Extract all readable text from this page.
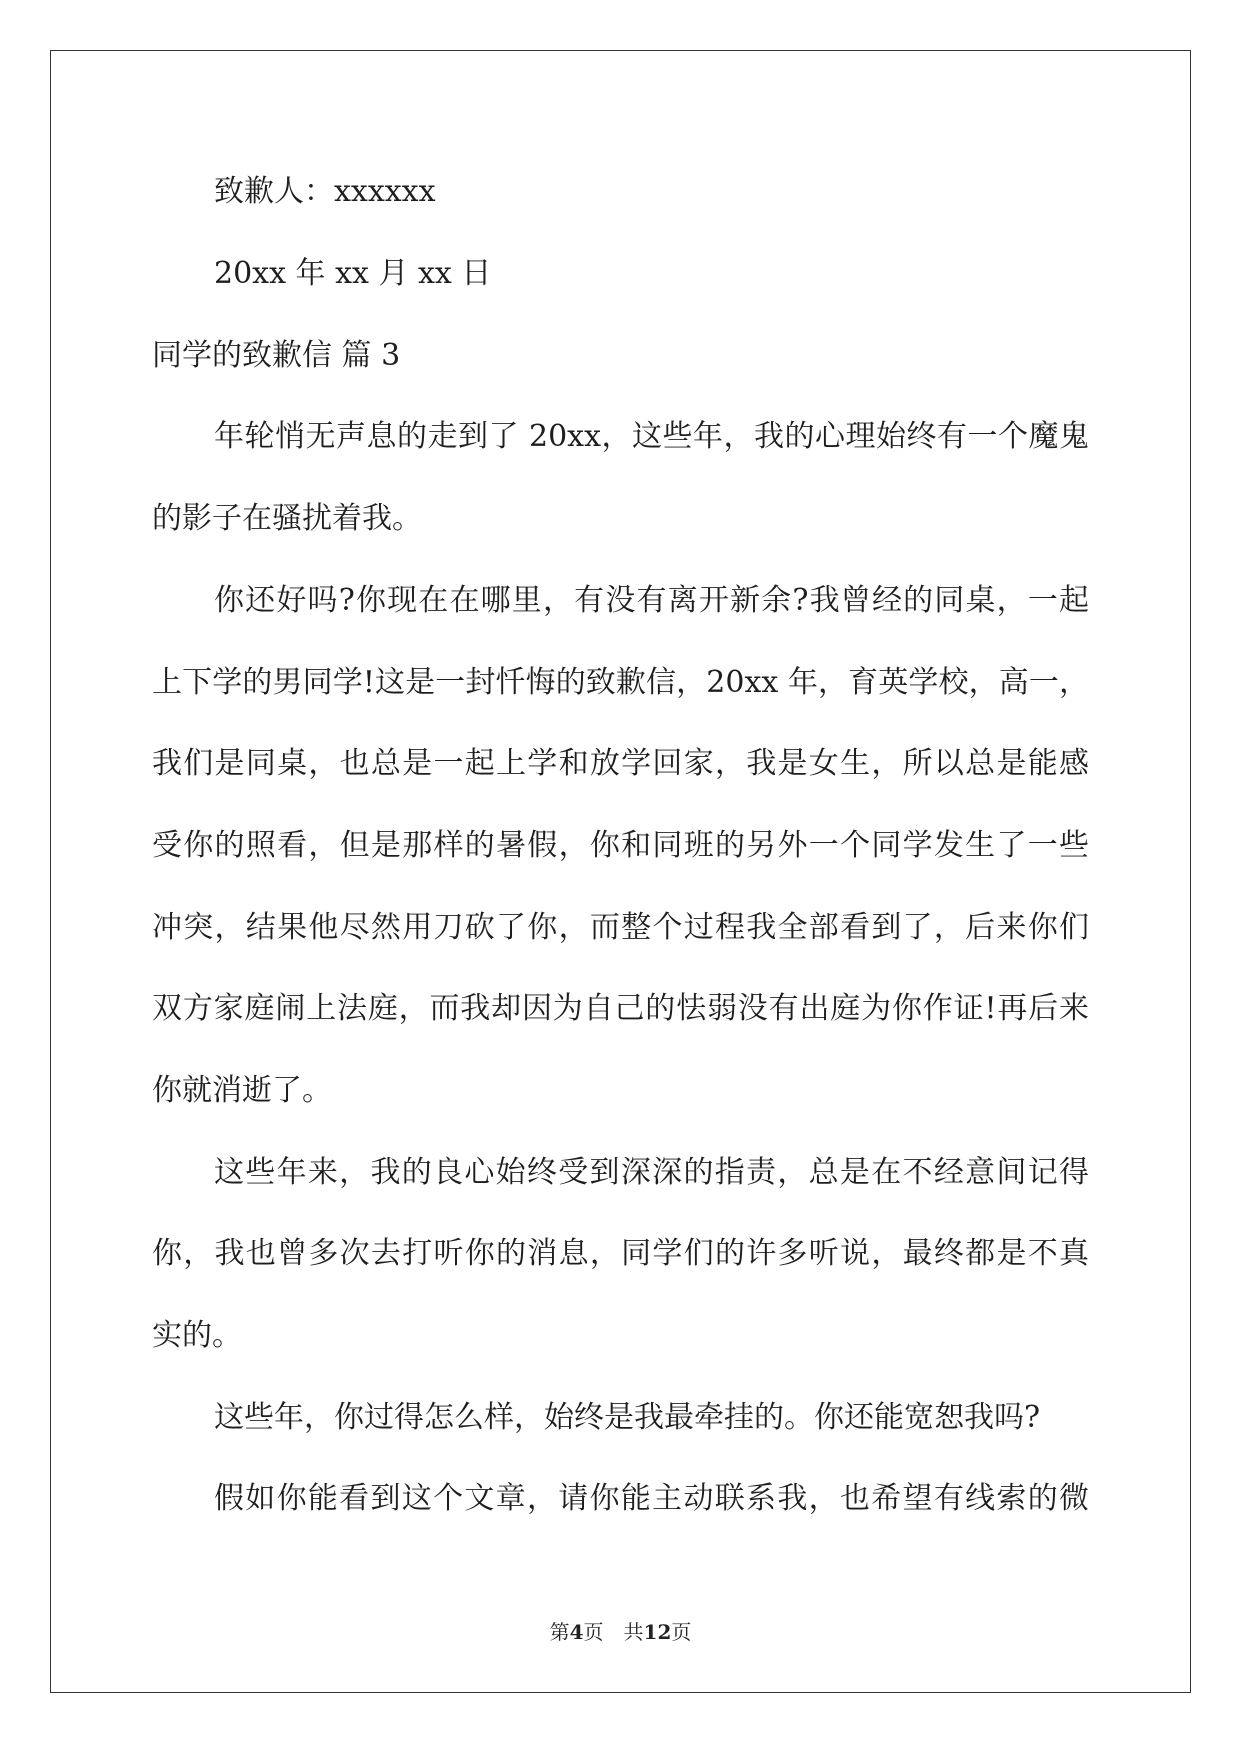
致歉人：xxxxxx

20xx 年 xx 月 xx 日

同学的致歉信 篇 3

年轮悄无声息的走到了 20xx，这些年，我的心理始终有一个魔鬼

的影子在骚扰着我。

你还好吗?你现在在哪里，有没有离开新余?我曾经的同桌，一起

上下学的男同学!这是一封忏悔的致歉信，20xx 年，育英学校，高一，

我们是同桌，也总是一起上学和放学回家，我是女生，所以总是能感

受你的照看，但是那样的暑假，你和同班的另外一个同学发生了一些

冲突，结果他尽然用刀砍了你，而整个过程我全部看到了，后来你们

双方家庭闹上法庭，而我却因为自己的怯弱没有出庭为你作证!再后来

你就消逝了。

这些年来，我的良心始终受到深深的指责，总是在不经意间记得

你，我也曾多次去打听你的消息，同学们的许多听说，最终都是不真

实的。

这些年，你过得怎么样，始终是我最牵挂的。你还能宽恕我吗?

假如你能看到这个文章，请你能主动联系我，也希望有线索的微

第4页　共12页
